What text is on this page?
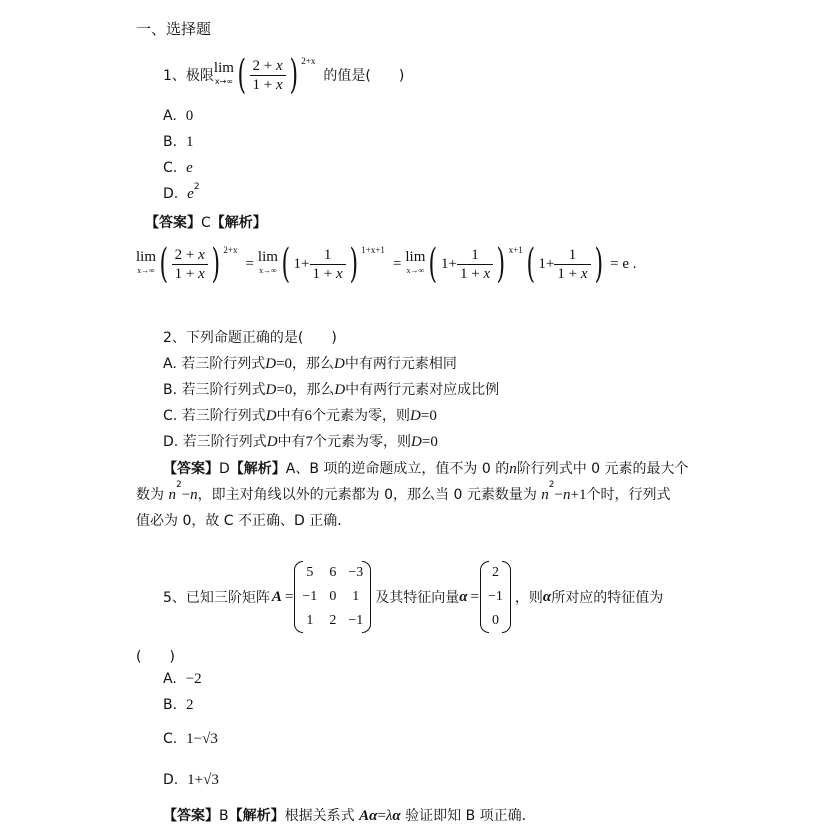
一、选择题
1、 极限 lim
x→∞ ( $\frac{2 + x}{1 + x}$ ) $^{2+x}$
的值是(　　)
A. 0
B. 1
C. e
D. $e^2$
【答案】C【解析】
lim
x→∞ ( $\frac{2 + x}{1 + x}$ ) $^{2+x}$
= lim
x→∞ ( $1+ \frac{1}{1 + x}$ ) $^{1+x+1}$
= lim
x→∞ ( $1+ \frac{1}{1 + x}$ ) $^{x+1}$ ( $1+ \frac{1}{1 + x}$ ) = e .
2、下列命题正确的是(　　)
A. 若三阶行列式D=0，那么D中有两行元素相同
B. 若三阶行列式D=0，那么D中有两行元素对应成比例
C. 若三阶行列式D中有6个元素为零，则D=0
D. 若三阶行列式D中有7个元素为零，则D=0
【答案】D【解析】A、B 项的逆命题成立，值不为 0 的n阶行列式中 0 元素的最大个
数为 $n^2-n$，即主对角线以外的元素都为 0，那么当 0 元素数量为 $n^2-n+1$个时，行列式
值必为 0，故 C 不正确、D 正确．
5、 已知三阶矩阵 A =
5	6	−3
−1	0	1
1	2	−1
及其特征向量 α =
2
−1
0
，则 α 所对应的特征值为
(　　)
A. −2
B. 2
C. 1−√3
D. 1+√3
【答案】B【解析】根据关系式 Aα=λα 验证即知 B 项正确．
